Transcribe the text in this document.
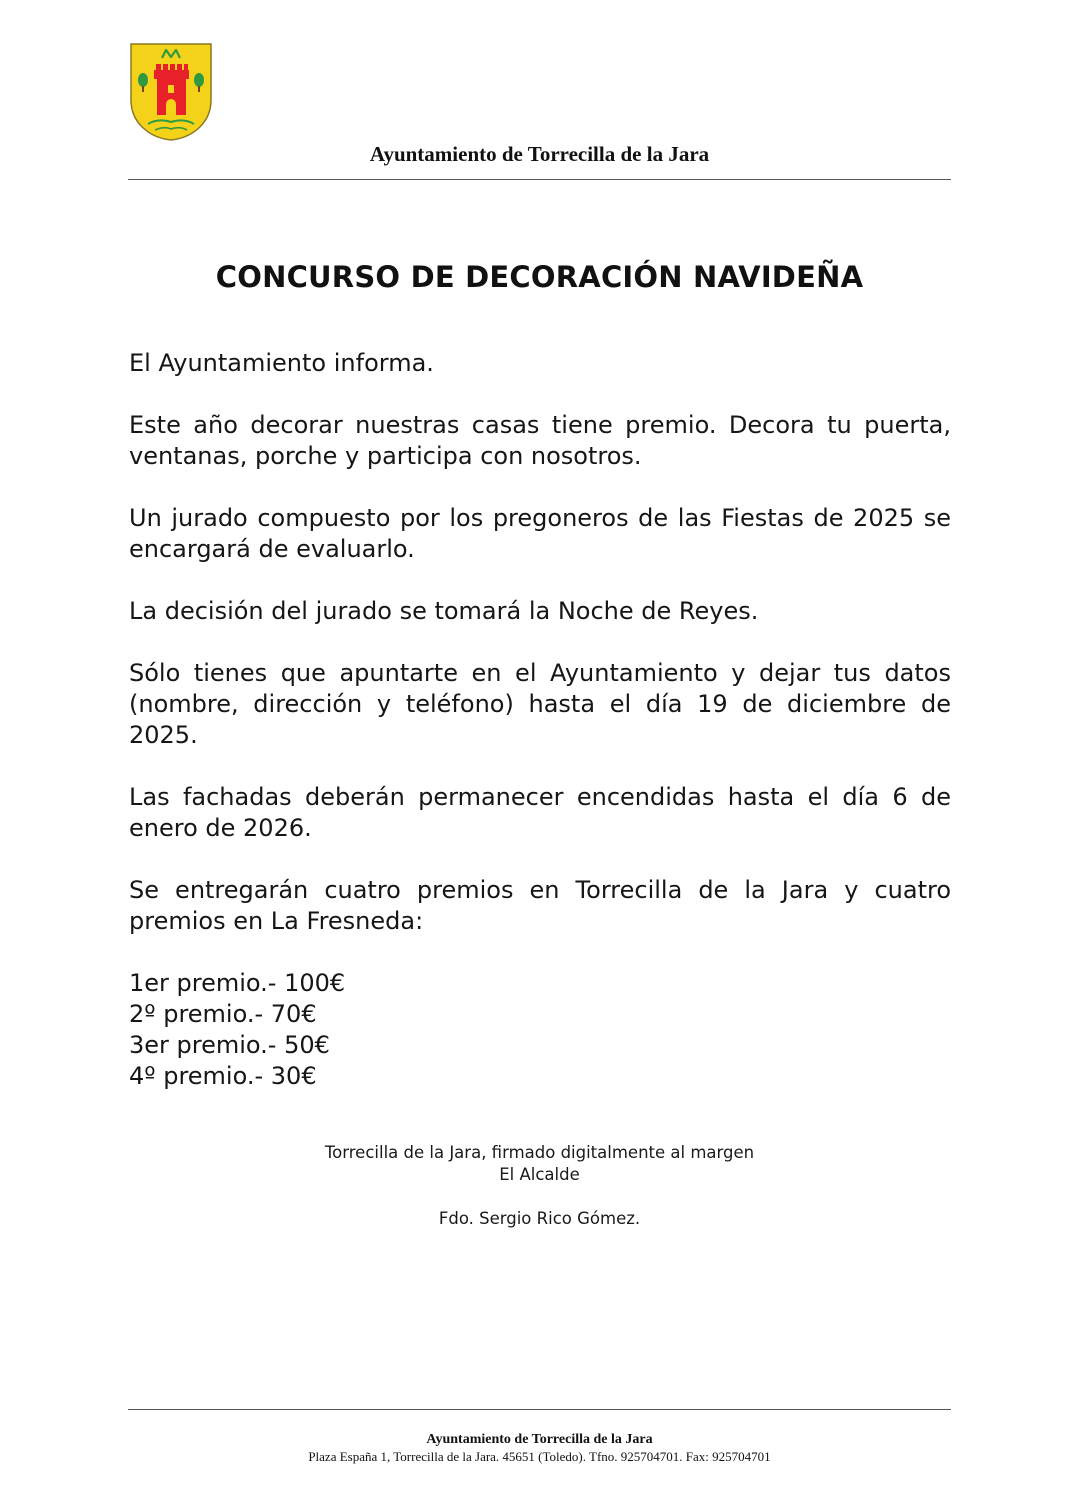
Ayuntamiento de Torrecilla de la Jara
CONCURSO DE DECORACIÓN NAVIDEÑA

El Ayuntamiento informa.

Este año decorar nuestras casas tiene premio. Decora tu puerta, ventanas, porche y participa con nosotros.

Un jurado compuesto por los pregoneros de las Fiestas de 2025 se encargará de evaluarlo.

La decisión del jurado se tomará la Noche de Reyes.

Sólo tienes que apuntarte en el Ayuntamiento y dejar tus datos (nombre, dirección y teléfono) hasta el día 19 de diciembre de 2025.

Las fachadas deberán permanecer encendidas hasta el día 6 de enero de 2026.

Se entregarán cuatro premios en Torrecilla de la Jara y cuatro premios en La Fresneda:

1er premio.- 100€
2º premio.- 70€
3er premio.- 50€
4º premio.- 30€
Torrecilla de la Jara, firmado digitalmente al margen
El Alcalde
Fdo. Sergio Rico Gómez.
Ayuntamiento de Torrecilla de la Jara
Plaza España 1, Torrecilla de la Jara. 45651 (Toledo). Tfno. 925704701. Fax: 925704701
